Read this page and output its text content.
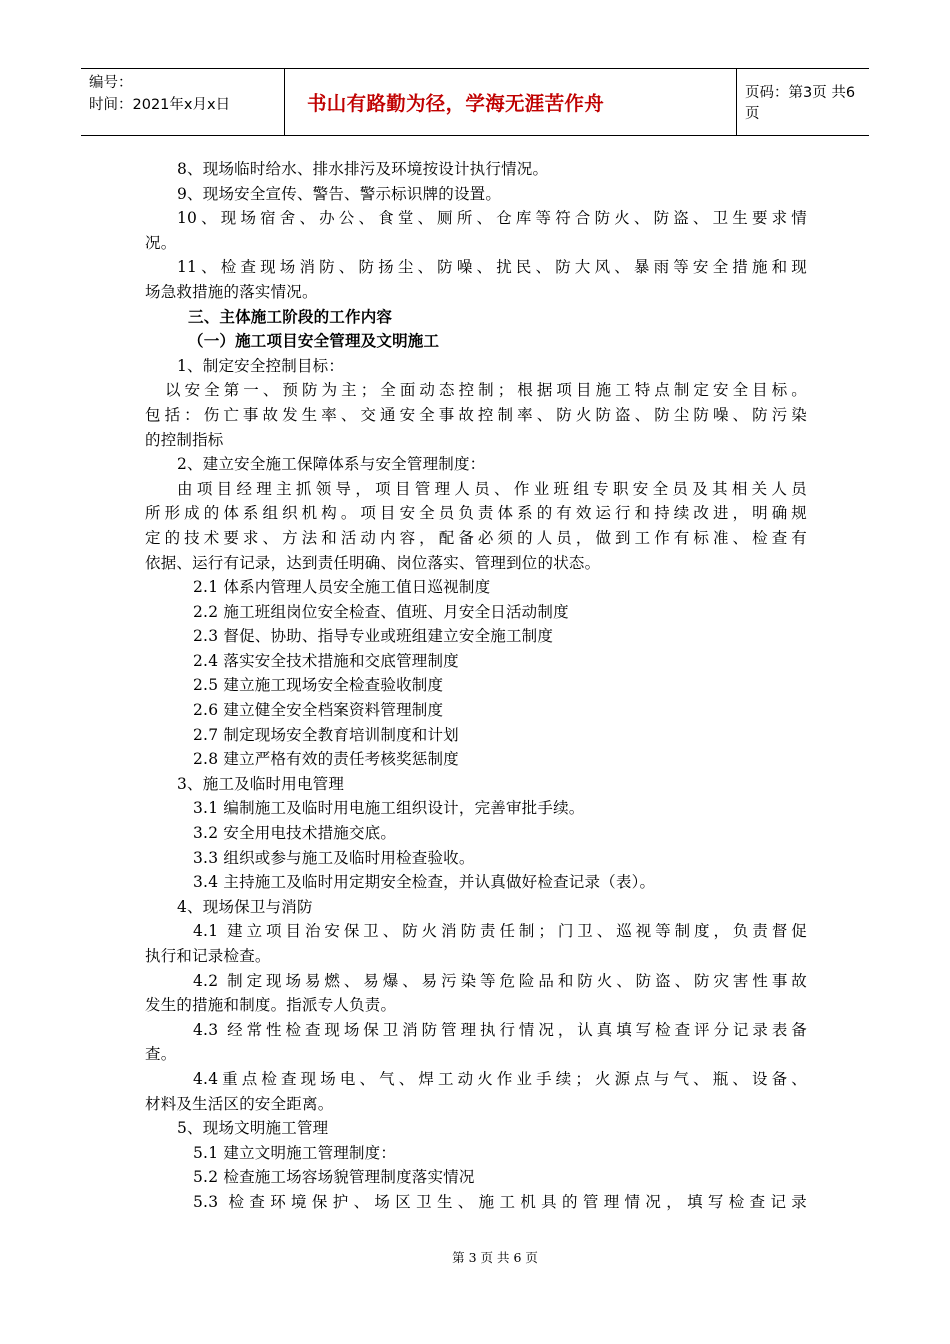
编号：
时间：2021年x月x日	书山有路勤为径，学海无涯苦作舟	页码：第3页 共6页
8、现场临时给水、排水排污及环境按设计执行情况。
9、现场安全宣传、警告、警示标识牌的设置。
10、现场宿舍、办公、食堂、厕所、仓库等符合防火、防盗、卫生要求情
况。
11、检查现场消防、防扬尘、防噪、扰民、防大风、暴雨等安全措施和现
场急救措施的落实情况。
三、主体施工阶段的工作内容
（一）施工项目安全管理及文明施工
1、制定安全控制目标：
以安全第一、预防为主；全面动态控制；根据项目施工特点制定安全目标。
包括：伤亡事故发生率、交通安全事故控制率、防火防盗、防尘防噪、防污染
的控制指标
2、建立安全施工保障体系与安全管理制度：
由项目经理主抓领导，项目管理人员、作业班组专职安全员及其相关人员
所形成的体系组织机构。项目安全员负责体系的有效运行和持续改进，明确规
定的技术要求、方法和活动内容，配备必须的人员，做到工作有标准、检查有
依据、运行有记录，达到责任明确、岗位落实、管理到位的状态。
2.1 体系内管理人员安全施工值日巡视制度
2.2 施工班组岗位安全检查、值班、月安全日活动制度
2.3 督促、协助、指导专业或班组建立安全施工制度
2.4 落实安全技术措施和交底管理制度
2.5 建立施工现场安全检查验收制度
2.6 建立健全安全档案资料管理制度
2.7 制定现场安全教育培训制度和计划
2.8 建立严格有效的责任考核奖惩制度
3、施工及临时用电管理
3.1 编制施工及临时用电施工组织设计，完善审批手续。
3.2 安全用电技术措施交底。
3.3 组织或参与施工及临时用检查验收。
3.4 主持施工及临时用定期安全检查，并认真做好检查记录（表）。
4、现场保卫与消防
4.1 建立项目治安保卫、防火消防责任制；门卫、巡视等制度，负责督促
执行和记录检查。
4.2 制定现场易燃、易爆、易污染等危险品和防火、防盗、防灾害性事故
发生的措施和制度。指派专人负责。
4.3 经常性检查现场保卫消防管理执行情况，认真填写检查评分记录表备
查。
4.4重点检查现场电、气、焊工动火作业手续；火源点与气、瓶、设备、
材料及生活区的安全距离。
5、现场文明施工管理
5.1 建立文明施工管理制度：
5.2 检查施工场容场貌管理制度落实情况
5.3 检查环境保护、场区卫生、施工机具的管理情况，填写检查记录
第 3 页 共 6 页
